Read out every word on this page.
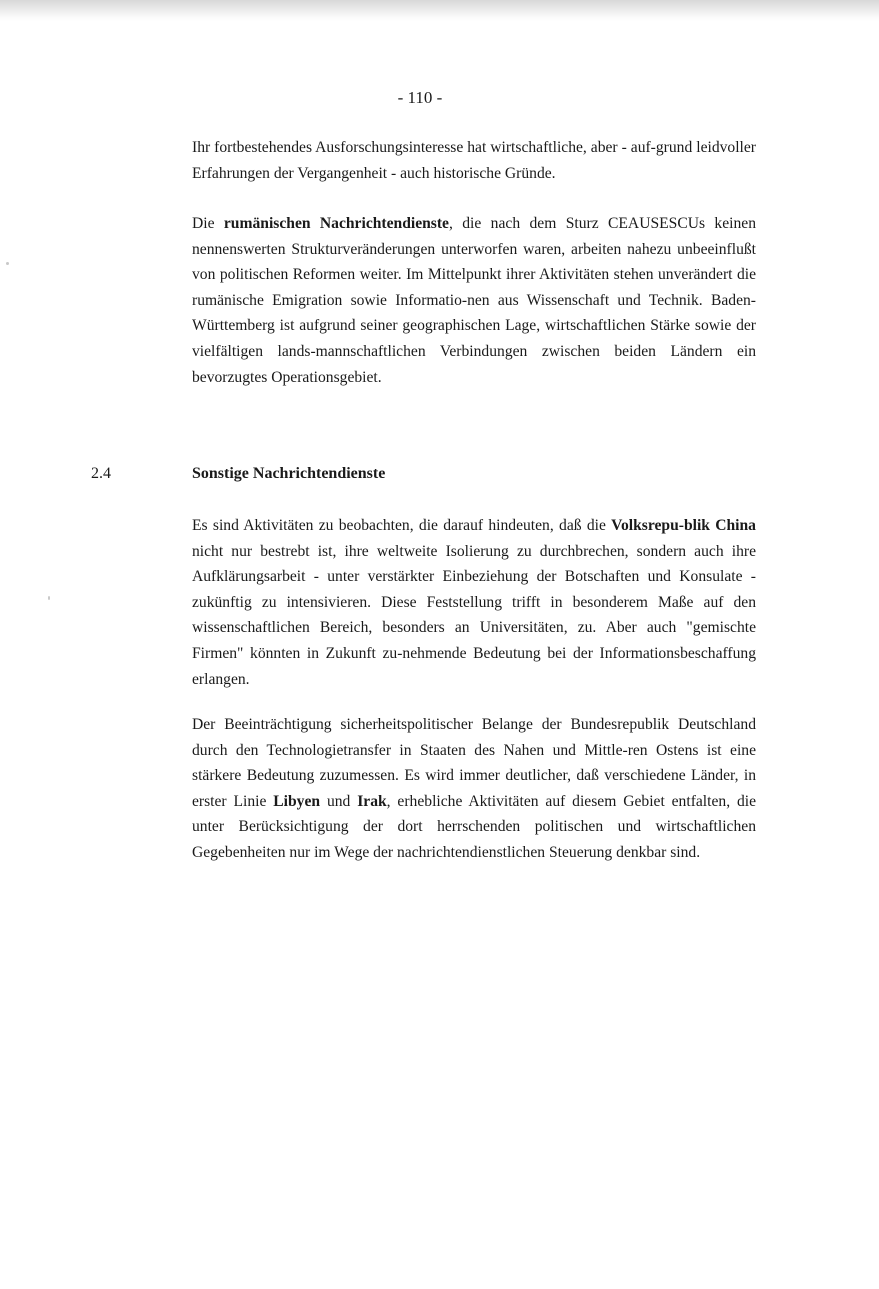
- 110 -

Ihr fortbestehendes Ausforschungsinteresse hat wirtschaftliche, aber - auf-grund leidvoller Erfahrungen der Vergangenheit - auch historische Gründe.

Die rumänischen Nachrichtendienste, die nach dem Sturz CEAUSESCUs keinen nennenswerten Strukturveränderungen unterworfen waren, arbeiten nahezu unbeeinflußt von politischen Reformen weiter. Im Mittelpunkt ihrer Aktivitäten stehen unverändert die rumänische Emigration sowie Informatio-nen aus Wissenschaft und Technik. Baden-Württemberg ist aufgrund seiner geographischen Lage, wirtschaftlichen Stärke sowie der vielfältigen lands-mannschaftlichen Verbindungen zwischen beiden Ländern ein bevorzugtes Operationsgebiet.

2.4	Sonstige Nachrichtendienste

Es sind Aktivitäten zu beobachten, die darauf hindeuten, daß die Volksrepu-blik China nicht nur bestrebt ist, ihre weltweite Isolierung zu durchbrechen, sondern auch ihre Aufklärungsarbeit - unter verstärkter Einbeziehung der Botschaften und Konsulate - zukünftig zu intensivieren. Diese Feststellung trifft in besonderem Maße auf den wissenschaftlichen Bereich, besonders an Universitäten, zu. Aber auch "gemischte Firmen" könnten in Zukunft zu-nehmende Bedeutung bei der Informationsbeschaffung erlangen.

Der Beeinträchtigung sicherheitspolitischer Belange der Bundesrepublik Deutschland durch den Technologietransfer in Staaten des Nahen und Mittle-ren Ostens ist eine stärkere Bedeutung zuzumessen. Es wird immer deutlicher, daß verschiedene Länder, in erster Linie Libyen und Irak, erhebliche Aktivitäten auf diesem Gebiet entfalten, die unter Berücksichtigung der dort herrschenden politischen und wirtschaftlichen Gegebenheiten nur im Wege der nachrichtendienstlichen Steuerung denkbar sind.
